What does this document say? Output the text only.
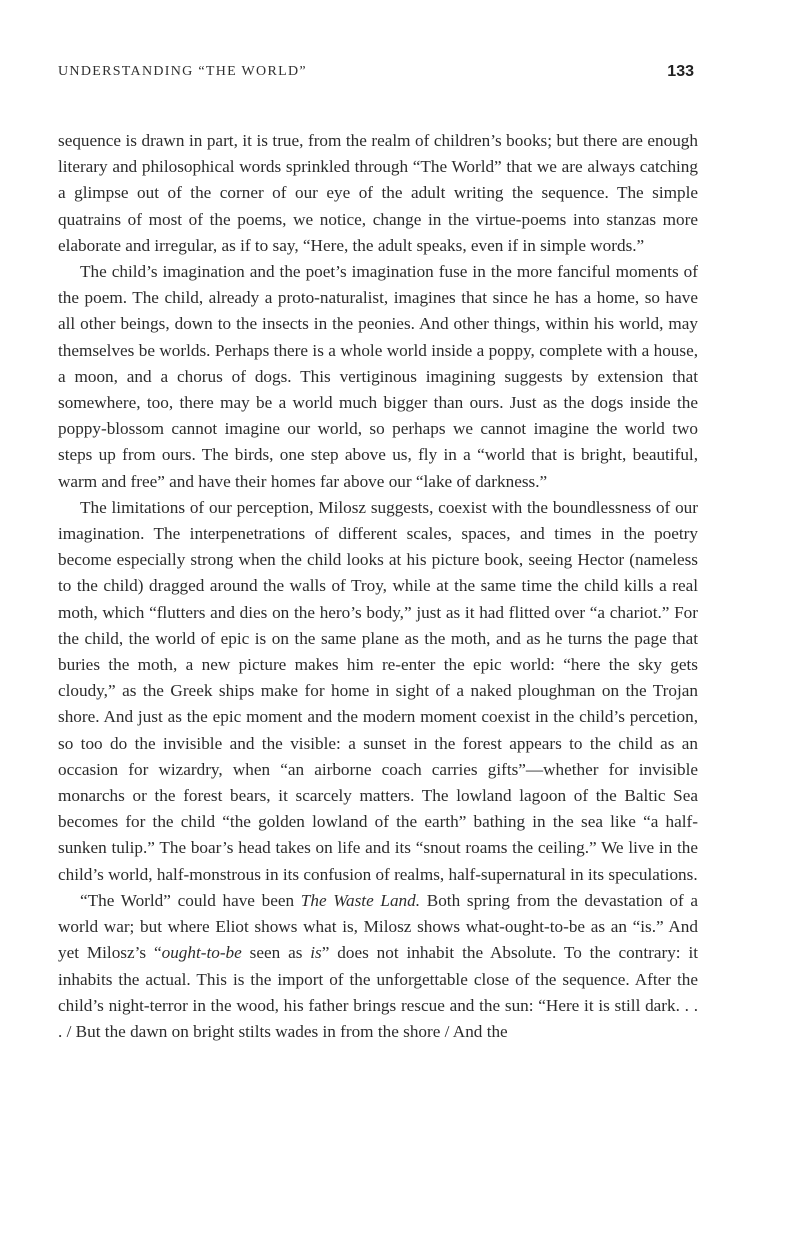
UNDERSTANDING “THE WORLD”	133

sequence is drawn in part, it is true, from the realm of children’s books; but there are enough literary and philosophical words sprinkled through “The World” that we are always catching a glimpse out of the corner of our eye of the adult writing the sequence. The simple quatrains of most of the poems, we notice, change in the virtue-poems into stanzas more elaborate and irregular, as if to say, “Here, the adult speaks, even if in simple words.”

The child’s imagination and the poet’s imagination fuse in the more fanciful moments of the poem. The child, already a proto-naturalist, imagines that since he has a home, so have all other beings, down to the insects in the peonies. And other things, within his world, may themselves be worlds. Perhaps there is a whole world inside a poppy, complete with a house, a moon, and a chorus of dogs. This vertiginous imagining suggests by extension that somewhere, too, there may be a world much bigger than ours. Just as the dogs inside the poppy-blossom cannot imagine our world, so perhaps we cannot imagine the world two steps up from ours. The birds, one step above us, fly in a “world that is bright, beautiful, warm and free” and have their homes far above our “lake of darkness.”

The limitations of our perception, Milosz suggests, coexist with the boundlessness of our imagination. The interpenetrations of different scales, spaces, and times in the poetry become especially strong when the child looks at his picture book, seeing Hector (nameless to the child) dragged around the walls of Troy, while at the same time the child kills a real moth, which “flutters and dies on the hero’s body,” just as it had flitted over “a chariot.” For the child, the world of epic is on the same plane as the moth, and as he turns the page that buries the moth, a new picture makes him re-enter the epic world: “here the sky gets cloudy,” as the Greek ships make for home in sight of a naked ploughman on the Trojan shore. And just as the epic moment and the modern moment coexist in the child’s percetion, so too do the invisible and the visible: a sunset in the forest appears to the child as an occasion for wizardry, when “an airborne coach carries gifts”—whether for invisible monarchs or the forest bears, it scarcely matters. The lowland lagoon of the Baltic Sea becomes for the child “the golden lowland of the earth” bathing in the sea like “a half-sunken tulip.” The boar’s head takes on life and its “snout roams the ceiling.” We live in the child’s world, half-monstrous in its confusion of realms, half-supernatural in its speculations.

“The World” could have been The Waste Land. Both spring from the devastation of a world war; but where Eliot shows what is, Milosz shows what-ought-to-be as an “is.” And yet Milosz’s “ought-to-be seen as is” does not inhabit the Absolute. To the contrary: it inhabits the actual. This is the import of the unforgettable close of the sequence. After the child’s night-terror in the wood, his father brings rescue and the sun: “Here it is still dark. . . . / But the dawn on bright stilts wades in from the shore / And the
